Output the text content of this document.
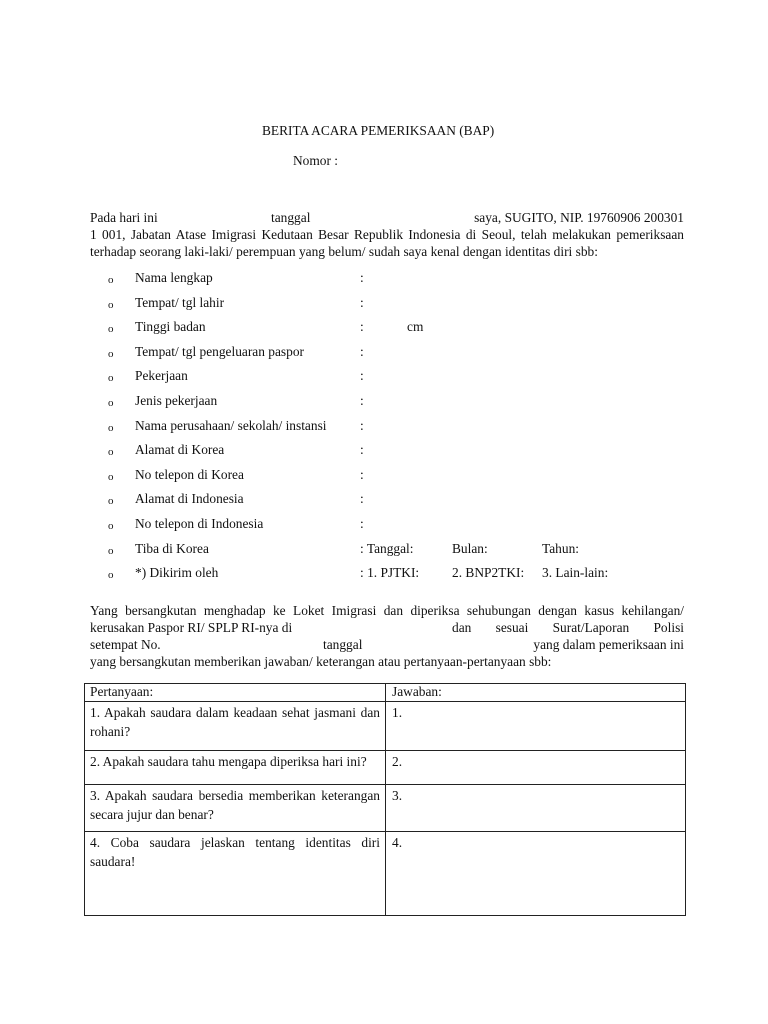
BERITA ACARA PEMERIKSAAN (BAP)
Nomor :
Pada hari ini	tanggal	saya, SUGITO, NIP. 19760906 200301
1 001, Jabatan Atase Imigrasi Kedutaan Besar Republik Indonesia di Seoul, telah melakukan pemeriksaan
terhadap seorang laki-laki/ perempuan yang belum/ sudah saya kenal dengan identitas diri sbb:
o Nama lengkap	:
o Tempat/ tgl lahir	:
o Tinggi badan	:	cm
o Tempat/ tgl pengeluaran paspor	:
o Pekerjaan	:
o Jenis pekerjaan	:
o Nama perusahaan/ sekolah/ instansi :
o Alamat di Korea	:
o No telepon di Korea	:
o Alamat di Indonesia	:
o No telepon di Indonesia	:
o Tiba di Korea	: Tanggal:	Bulan:	Tahun:
o *) Dikirim oleh	: 1. PJTKI: 2. BNP2TKI: 3. Lain-lain:
Yang bersangkutan menghadap ke Loket Imigrasi dan diperiksa sehubungan dengan kasus kehilangan/
kerusakan Paspor RI/ SPLP RI-nya di	dan sesuai Surat/Laporan Polisi
setempat No.	tanggal	yang dalam pemeriksaan ini
yang bersangkutan memberikan jawaban/ keterangan atau pertanyaan-pertanyaan sbb:
Pertanyaan:	Jawaban:
1. Apakah saudara dalam keadaan sehat jasmani dan rohani?	1.
2. Apakah saudara tahu mengapa diperiksa hari ini?	2.
3. Apakah saudara bersedia memberikan keterangan secara jujur dan benar?	3.
4. Coba saudara jelaskan tentang identitas diri saudara!	4.
